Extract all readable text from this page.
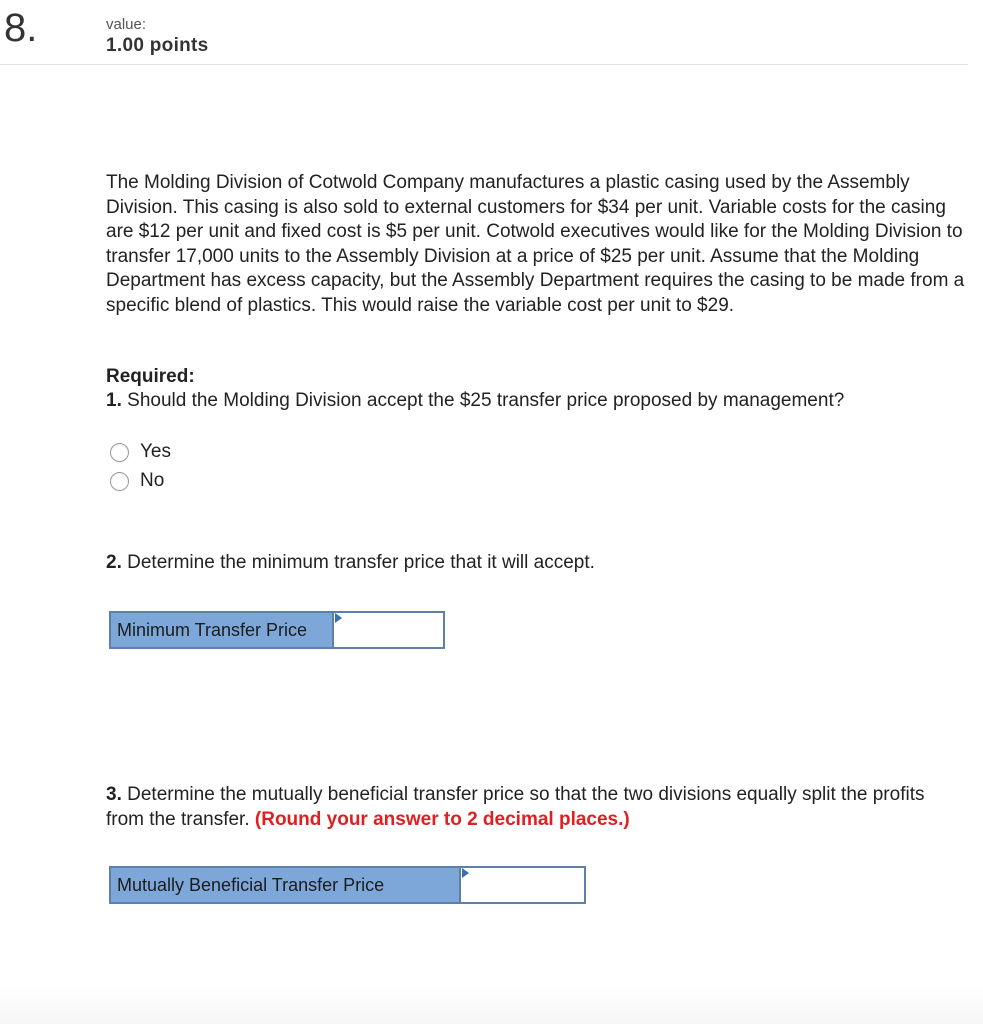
8.	value:
1.00 points
The Molding Division of Cotwold Company manufactures a plastic casing used by the Assembly Division. This casing is also sold to external customers for $34 per unit. Variable costs for the casing are $12 per unit and fixed cost is $5 per unit. Cotwold executives would like for the Molding Division to transfer 17,000 units to the Assembly Division at a price of $25 per unit. Assume that the Molding Department has excess capacity, but the Assembly Department requires the casing to be made from a specific blend of plastics. This would raise the variable cost per unit to $29.
Required:
1. Should the Molding Division accept the $25 transfer price proposed by management?
Yes
No
2. Determine the minimum transfer price that it will accept.
Minimum Transfer Price
3. Determine the mutually beneficial transfer price so that the two divisions equally split the profits from the transfer. (Round your answer to 2 decimal places.)
Mutually Beneficial Transfer Price
